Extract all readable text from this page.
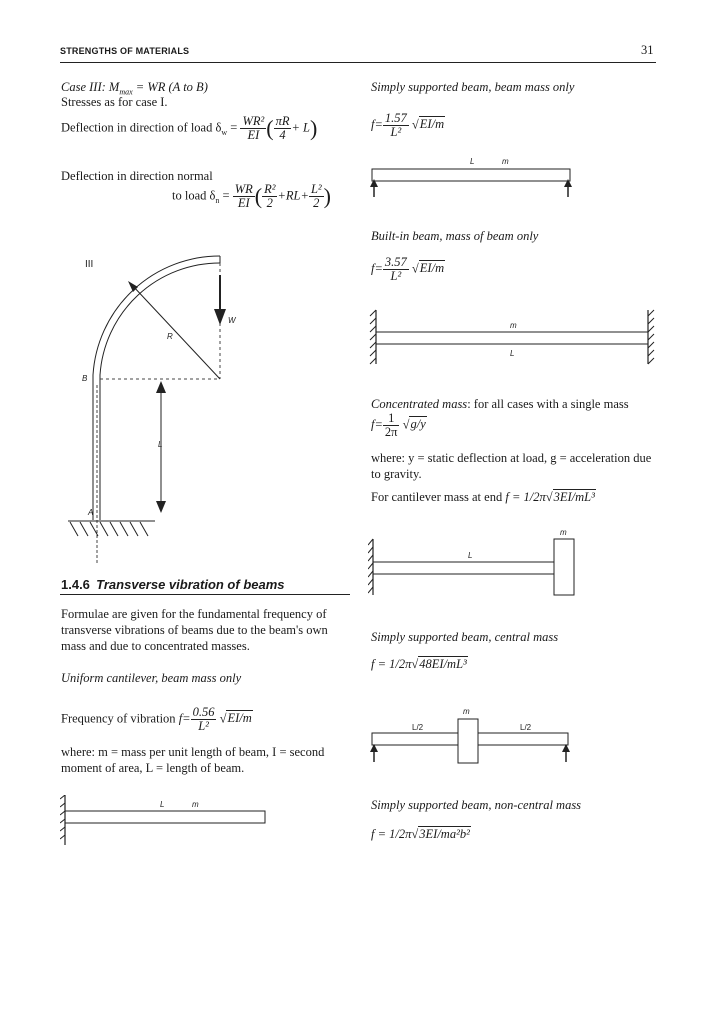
STRENGTHS OF MATERIALS	31
Case III: $M_{max}$ = WR (A to B)
Stresses as for case I.
Deflection in direction of load $\delta_w = \frac{\text{WR²}}{EI}$ ( $\frac{\pi R}{4} + L$)
Deflection in direction normal
to load $\delta_n = \frac{WR}{EI}$ ( $\frac{\text{R²}}{2} +RL+ \frac{\text{L²}}{2}$ )
III
R
W
B
L
A
1.4.6 Transverse vibration of beams

Formulae are given for the fundamental frequency of transverse vibrations of beams due to the beam's own mass and due to concentrated masses.

Uniform cantilever, beam mass only
Frequency of vibration $f= \frac{0.56}{\text{L²}} √EI/m$

where: m = mass per unit length of beam, I = second moment of area, L = length of beam.

L	m
Simply supported beam, beam mass only
$f= \frac{1.57}{\text{L²}} √EI/m$
L	m
Built-in beam, mass of beam only
$f= \frac{3.57}{\text{L²}} √EI/m$
m
L
Concentrated mass: for all cases with a single mass
$f= \frac{1}{2\pi} √g/y$

where: y = static deflection at load, g = acceleration due to gravity.

For cantilever mass at end f = 1/2π√3EI/mL³
L
m
Simply supported beam, central mass
f = 1/2π√48EI/mL³
L/2	L/2
m
Simply supported beam, non-central mass
f = 1/2π√3EI/ma²b²
